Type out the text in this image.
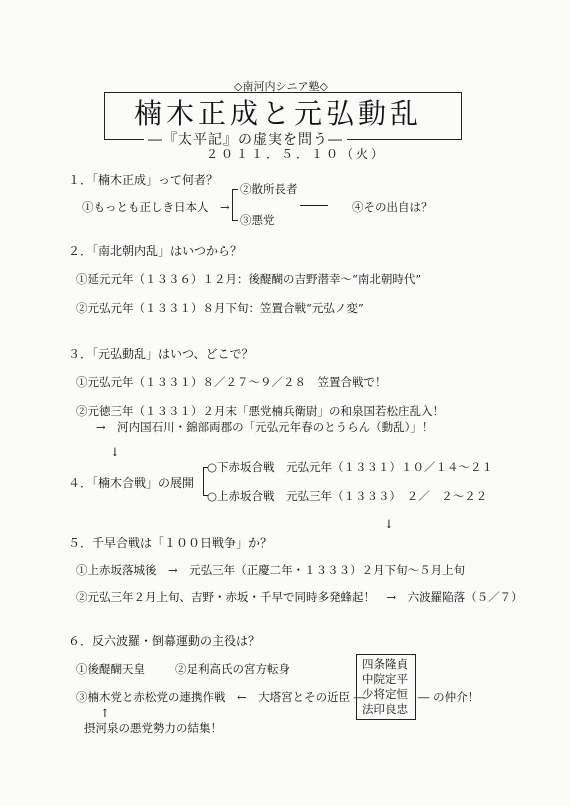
◇南河内シニア塾◇
楠木正成と元弘動乱
―『太平記』の虚実を問う―
２０１１．５．１０（火）
１．「楠木正成」って何者？
①もっとも正しき日本人　→
②散所長者
③悪党
④その出自は？
２．「南北朝内乱」はいつから？
①延元元年（１３３６）１２月：後醍醐の吉野潜幸～“南北朝時代”
②元弘元年（１３３１）８月下旬：笠置合戦“元弘ノ変”
３．「元弘動乱」はいつ、どこで？
①元弘元年（１３３１）８／２７～９／２８　笠置合戦で！
②元徳三年（１３３１）２月末「悪党楠兵衛尉」の和泉国若松庄乱入！
→　河内国石川・錦部両郡の「元弘元年春のとうらん（動乱）」！
↓
４．「楠木合戦」の展開
○下赤坂合戦　元弘元年（１３３１）１０／１４～２１
○上赤坂合戦　元弘三年（１３３３）　２／　２～２２
↓
５．千早合戦は「１００日戦争」か？
①上赤坂落城後　→　元弘三年（正慶二年・１３３３）２月下旬～５月上旬
②元弘三年２月上旬、吉野・赤坂・千早で同時多発蜂起！　→　六波羅陥落（５／７）
６．反六波羅・倒幕運動の主役は？
①後醍醐天皇	②足利高氏の宮方転身
③楠木党と赤松党の連携作戦　←　大塔宮とその近臣 ―
四条隆貞
中院定平
少将定恒
法印良忠
― の仲介！
↑
摂河泉の悪党勢力の結集！
